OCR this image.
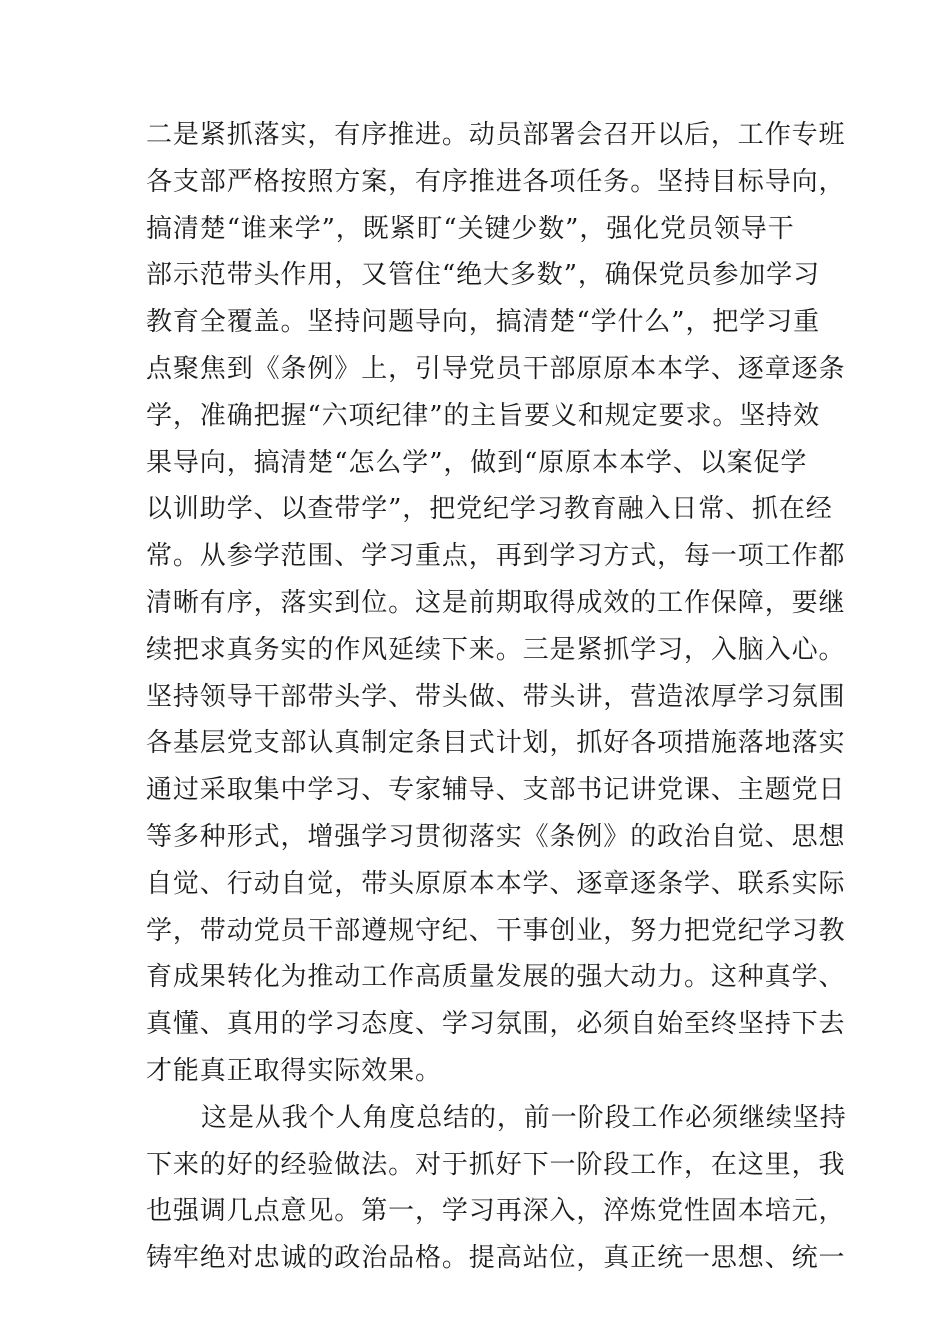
二是紧抓落实，有序推进。动员部署会召开以后，工作专班
各支部严格按照方案，有序推进各项任务。坚持目标导向，
搞清楚“谁来学”，既紧盯“关键少数”，强化党员领导干
部示范带头作用，又管住“绝大多数”，确保党员参加学习
教育全覆盖。坚持问题导向，搞清楚“学什么”，把学习重
点聚焦到《条例》上，引导党员干部原原本本学、逐章逐条
学，准确把握“六项纪律”的主旨要义和规定要求。坚持效
果导向，搞清楚“怎么学”，做到“原原本本学、以案促学
以训助学、以查带学”，把党纪学习教育融入日常、抓在经
常。从参学范围、学习重点，再到学习方式，每一项工作都
清晰有序，落实到位。这是前期取得成效的工作保障，要继
续把求真务实的作风延续下来。三是紧抓学习，入脑入心。
坚持领导干部带头学、带头做、带头讲，营造浓厚学习氛围
各基层党支部认真制定条目式计划，抓好各项措施落地落实
通过采取集中学习、专家辅导、支部书记讲党课、主题党日
等多种形式，增强学习贯彻落实《条例》的政治自觉、思想
自觉、行动自觉，带头原原本本学、逐章逐条学、联系实际
学，带动党员干部遵规守纪、干事创业，努力把党纪学习教
育成果转化为推动工作高质量发展的强大动力。这种真学、
真懂、真用的学习态度、学习氛围，必须自始至终坚持下去
才能真正取得实际效果。
这是从我个人角度总结的，前一阶段工作必须继续坚持
下来的好的经验做法。对于抓好下一阶段工作，在这里，我
也强调几点意见。第一，学习再深入，淬炼党性固本培元，
铸牢绝对忠诚的政治品格。提高站位，真正统一思想、统一
